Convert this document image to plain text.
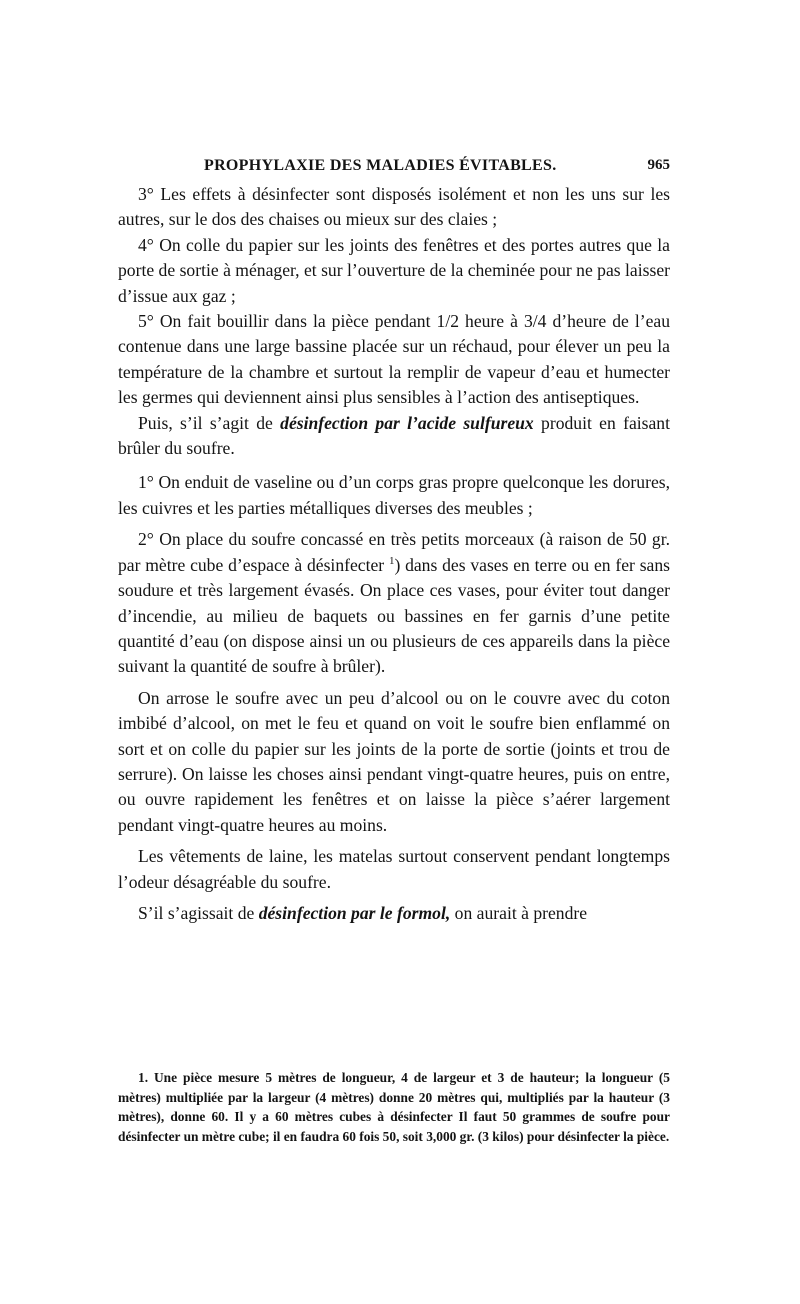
PROPHYLAXIE DES MALADIES ÉVITABLES.	965

3° Les effets à désinfecter sont disposés isolément et non les uns sur les autres, sur le dos des chaises ou mieux sur des claies ;

4° On colle du papier sur les joints des fenêtres et des portes autres que la porte de sortie à ménager, et sur l’ouverture de la cheminée pour ne pas laisser d’issue aux gaz ;

5° On fait bouillir dans la pièce pendant 1/2 heure à 3/4 d’heure de l’eau contenue dans une large bassine placée sur un réchaud, pour élever un peu la température de la chambre et surtout la remplir de vapeur d’eau et humecter les germes qui deviennent ainsi plus sensibles à l’action des antiseptiques.

Puis, s’il s’agit de désinfection par l’acide sulfureux produit en faisant brûler du soufre.

1° On enduit de vaseline ou d’un corps gras propre quelconque les dorures, les cuivres et les parties métalliques diverses des meubles ;

2° On place du soufre concassé en très petits morceaux (à raison de 50 gr. par mètre cube d’espace à désinfecter $^1$) dans des vases en terre ou en fer sans soudure et très largement évasés. On place ces vases, pour éviter tout danger d’incendie, au milieu de baquets ou bassines en fer garnis d’une petite quantité d’eau (on dispose ainsi un ou plusieurs de ces appareils dans la pièce suivant la quantité de soufre à brûler).

On arrose le soufre avec un peu d’alcool ou on le couvre avec du coton imbibé d’alcool, on met le feu et quand on voit le soufre bien enflammé on sort et on colle du papier sur les joints de la porte de sortie (joints et trou de serrure). On laisse les choses ainsi pendant vingt-quatre heures, puis on entre, ou ouvre rapidement les fenêtres et on laisse la pièce s’aérer largement pendant vingt-quatre heures au moins.

Les vêtements de laine, les matelas surtout conservent pendant longtemps l’odeur désagréable du soufre.

S’il s’agissait de désinfection par le formol, on aurait à prendre

1. Une pièce mesure 5 mètres de longueur, 4 de largeur et 3 de hauteur; la longueur (5 mètres) multipliée par la largeur (4 mètres) donne 20 mètres qui, multipliés par la hauteur (3 mètres), donne 60. Il y a 60 mètres cubes à désinfecter Il faut 50 grammes de soufre pour désinfecter un mètre cube; il en faudra 60 fois 50, soit 3,000 gr. (3 kilos) pour désinfecter la pièce.
